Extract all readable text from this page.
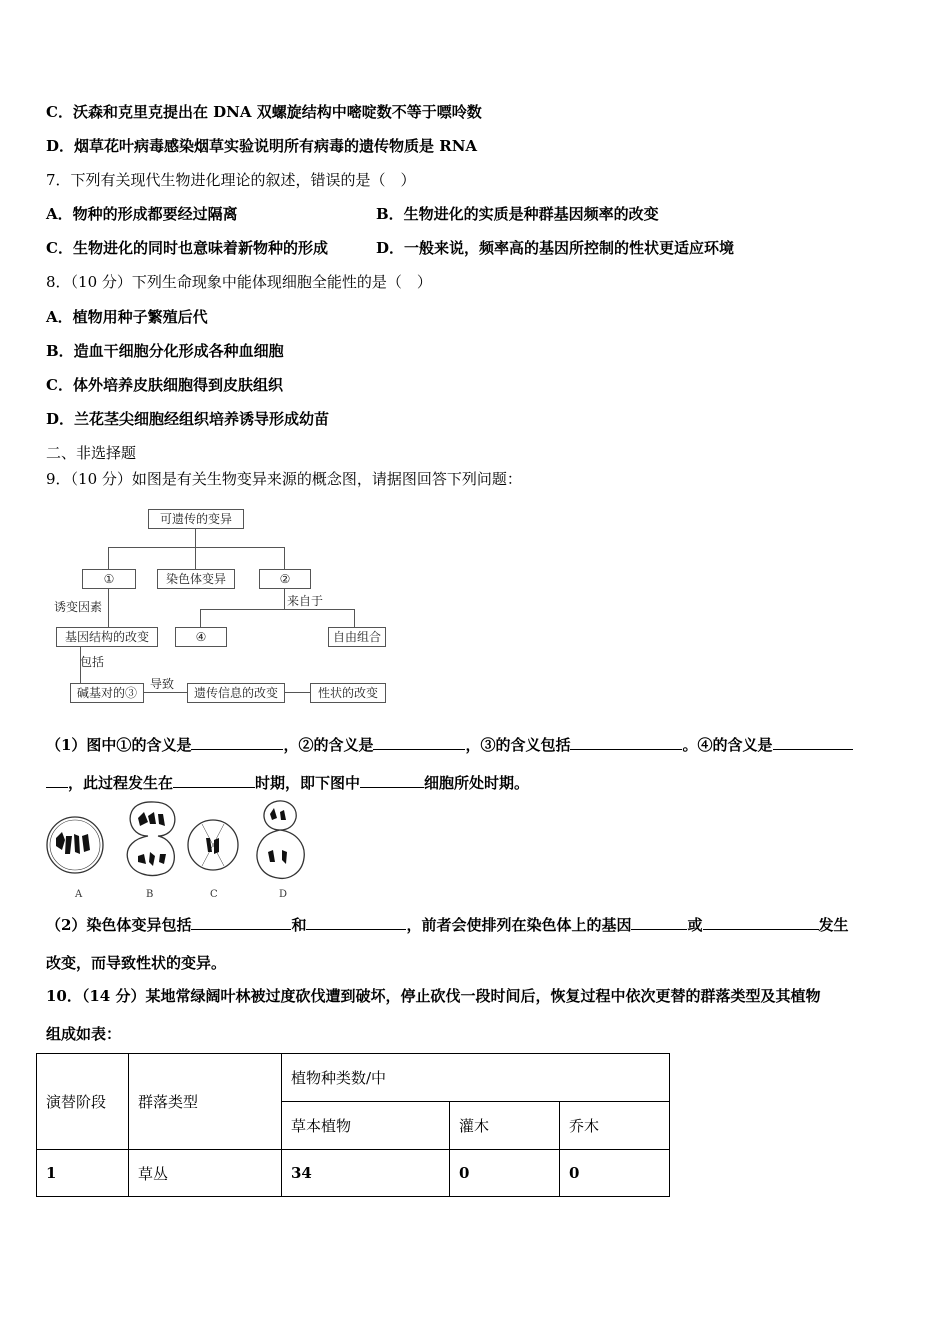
C．沃森和克里克提出在 DNA 双螺旋结构中嘧啶数不等于嘌呤数
D．烟草花叶病毒感染烟草实验说明所有病毒的遗传物质是 RNA
7．下列有关现代生物进化理论的叙述，错误的是（　）
A．物种的形成都要经过隔离	B．生物进化的实质是种群基因频率的改变
C．生物进化的同时也意味着新物种的形成	D．一般来说，频率高的基因所控制的性状更适应环境
8．（10 分）下列生命现象中能体现细胞全能性的是（　）
A．植物用种子繁殖后代
B．造血干细胞分化形成各种血细胞
C．体外培养皮肤细胞得到皮肤组织
D．兰花茎尖细胞经组织培养诱导形成幼苗
二、非选择题
9．（10 分）如图是有关生物变异来源的概念图，请据图回答下列问题：
可遗传的变异
①	染色体变异	②
诱变因素	来自于
基因结构的改变	④	自由组合
包括
碱基对的③
导致
遗传信息的改变	性状的改变
（1）图中①的含义是	，②的含义是	，③的含义包括	。④的含义是
，此过程发生在	时期，即下图中	细胞所处时期。
A	B	C	D
（2）染色体变异包括	和	，前者会使排列在染色体上的基因	或	发生
改变，而导致性状的变异。
10．（14 分）某地常绿阔叶林被过度砍伐遭到破坏，停止砍伐一段时间后，恢复过程中依次更替的群落类型及其植物
组成如表：
演替阶段	群落类型	植物种类数/中		
		草本植物	灌木	乔木
1	草丛	34	0	0
